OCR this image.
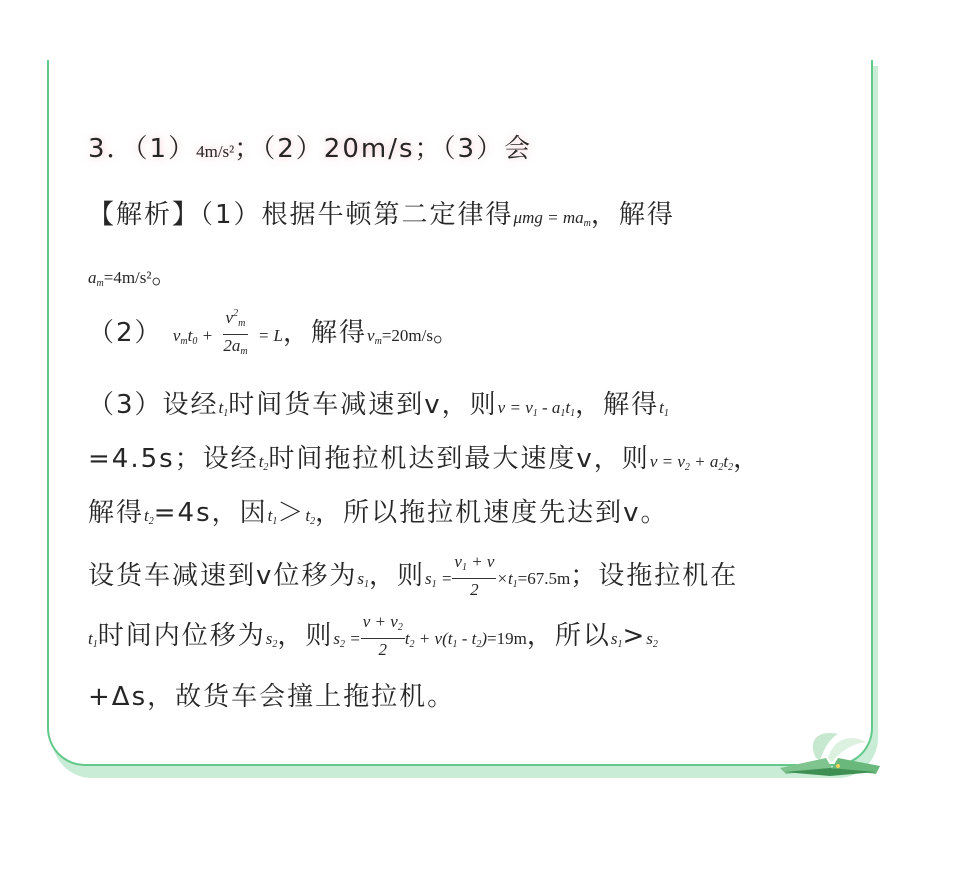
3．（1）4m/s²；（2）20m/s；（3）会
【解析】（1）根据牛顿第二定律得$\mu mg = ma_m$，解得
$a_m=4m/s^2$。
（2） $v_mt_0 + \frac{v^2_m}{2a_m} = L$，解得$v_m=20m/s$。
（3）设经$t_1$时间货车减速到v，则$v = v_1 - a_1t_1$，解得$t_1$
=4.5s；设经$t_2$时间拖拉机达到最大速度v，则$v = v_2 + a_2t_2$，
解得$t_2=4s$，因$t_1>t_2$，所以拖拉机速度先达到v。
设货车减速到v位移为$s_1$，则$s_1 = \frac{v_1 + v}{2} \times t_1=67.5m$；设拖拉机在
$t_1$时间内位移为$s_2$，则$s_2 = \frac{v + v_2}{2} t_2 + v(t_1 - t_2)=19m$，所以$s_1>s_2$
+Δs，故货车会撞上拖拉机。
